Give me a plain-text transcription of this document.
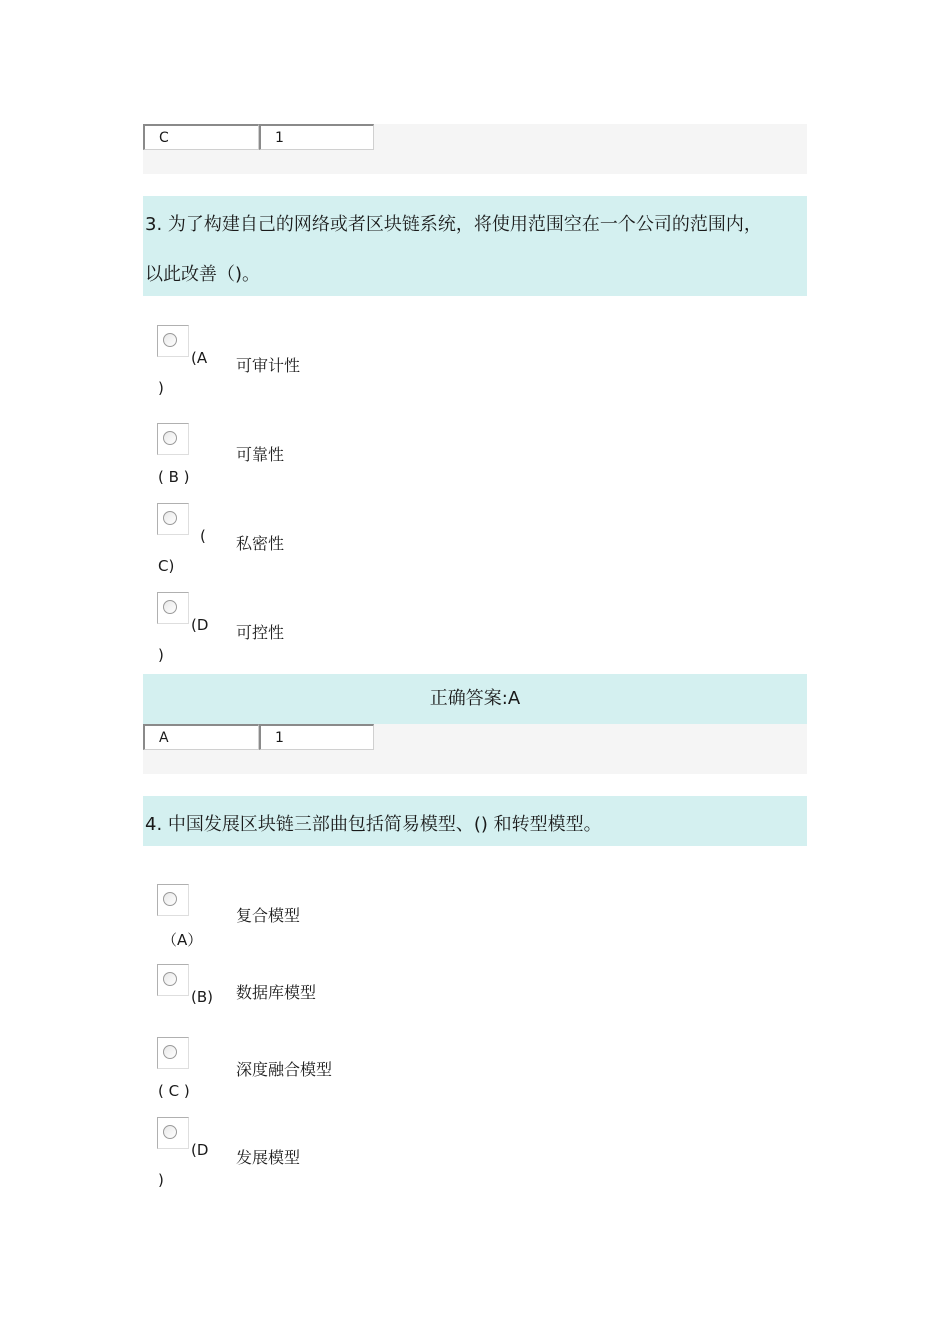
C	1
3. 为了构建自己的网络或者区块链系统，将使用范围空在一个公司的范围内，
以此改善（)。
(A
)
可审计性
( B )
可靠性
(
C)
私密性
(D
)
可控性
正确答案:A
A	1
4. 中国发展区块链三部曲包括简易模型、() 和转型模型。
（A）
复合模型
(B) 数据库模型
( C )
深度融合模型
(D
)
发展模型
